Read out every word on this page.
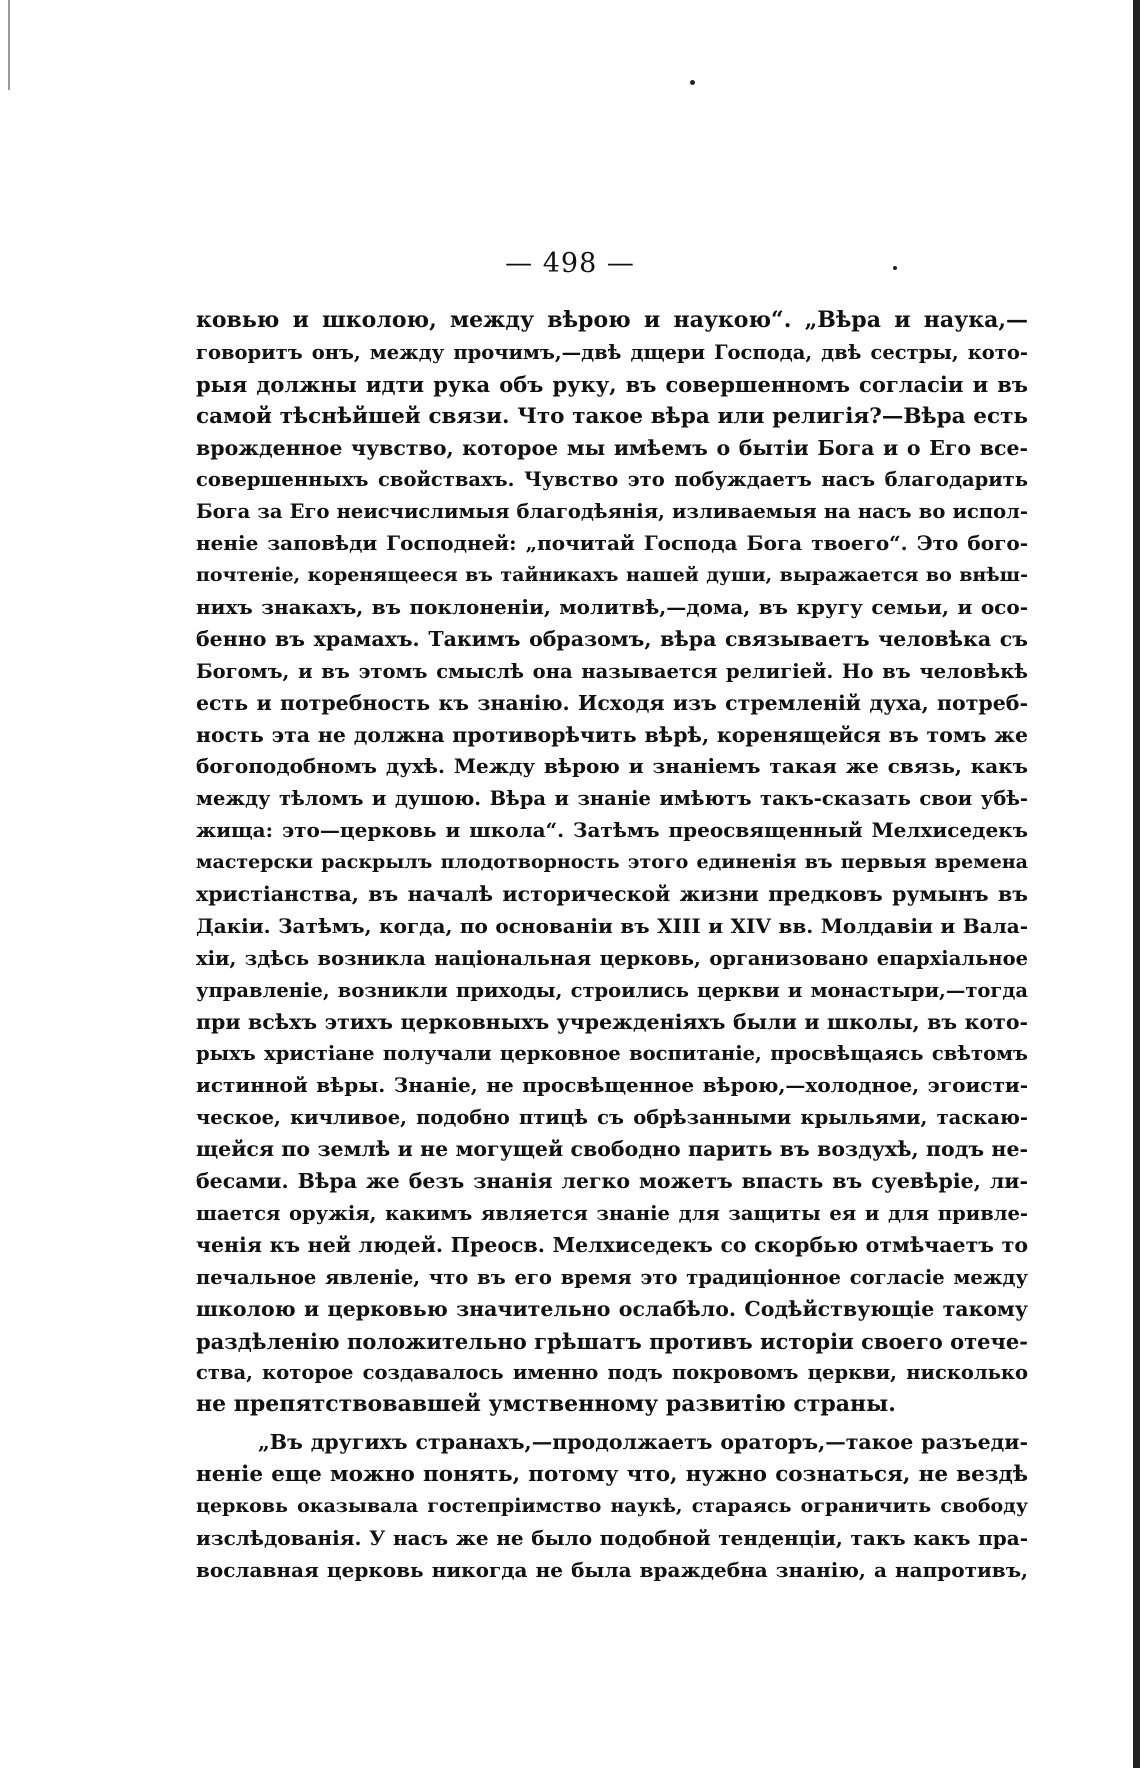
— 498 —
ковью и школою, между вѣрою и наукою“. „Вѣра и наука,—
говоритъ онъ, между прочимъ,—двѣ дщери Господа, двѣ сестры, кото-
рыя должны идти рука объ руку, въ совершенномъ согласіи и въ
самой тѣснѣйшей связи. Что такое вѣра или религія?—Вѣра есть
врожденное чувство, которое мы имѣемъ о бытіи Бога и о Его все-
совершенныхъ свойствахъ. Чувство это побуждаетъ насъ благодарить
Бога за Его неисчислимыя благодѣянія, изливаемыя на насъ во испол-
неніе заповѣди Господней: „почитай Господа Бога твоего“. Это бого-
почтеніе, коренящееся въ тайникахъ нашей души, выражается во внѣш-
нихъ знакахъ, въ поклоненіи, молитвѣ,—дома, въ кругу семьи, и осо-
бенно въ храмахъ. Такимъ образомъ, вѣра связываетъ человѣка съ
Богомъ, и въ этомъ смыслѣ она называется религіей. Но въ человѣкѣ
есть и потребность къ знанію. Исходя изъ стремленій духа, потреб-
ность эта не должна противорѣчить вѣрѣ, коренящейся въ томъ же
богоподобномъ духѣ. Между вѣрою и знаніемъ такая же связь, какъ
между тѣломъ и душою. Вѣра и знаніе имѣютъ такъ-сказать свои убѣ-
жища: это—церковь и школа“. Затѣмъ преосвященный Мелхиседекъ
мастерски раскрылъ плодотворность этого единенія въ первыя времена
христіанства, въ началѣ исторической жизни предковъ румынъ въ
Дакіи. Затѣмъ, когда, по основаніи въ XIII и XIV вв. Молдавіи и Вала-
хіи, здѣсь возникла національная церковь, организовано епархіальное
управленіе, возникли приходы, строились церкви и монастыри,—тогда
при всѣхъ этихъ церковныхъ учрежденіяхъ были и школы, въ кото-
рыхъ христіане получали церковное воспитаніе, просвѣщаясь свѣтомъ
истинной вѣры. Знаніе, не просвѣщенное вѣрою,—холодное, эгоисти-
ческое, кичливое, подобно птицѣ съ обрѣзанными крыльями, таскаю-
щейся по землѣ и не могущей свободно парить въ воздухѣ, подъ не-
бесами. Вѣра же безъ знанія легко можетъ впасть въ суевѣріе, ли-
шается оружія, какимъ является знаніе для защиты ея и для привле-
ченія къ ней людей. Преосв. Мелхиседекъ со скорбью отмѣчаетъ то
печальное явленіе, что въ его время это традиціонное согласіе между
школою и церковью значительно ослабѣло. Содѣйствующіе такому
раздѣленію положительно грѣшатъ противъ исторіи своего отече-
ства, которое создавалось именно подъ покровомъ церкви, нисколько
не препятствовавшей умственному развитію страны.
„Въ другихъ странахъ,—продолжаетъ ораторъ,—такое разъеди-
неніе еще можно понять, потому что, нужно сознаться, не вездѣ
церковь оказывала гостепріимство наукѣ, стараясь ограничить свободу
изслѣдованія. У насъ же не было подобной тенденціи, такъ какъ пра-
вославная церковь никогда не была враждебна знанію, а напротивъ,
